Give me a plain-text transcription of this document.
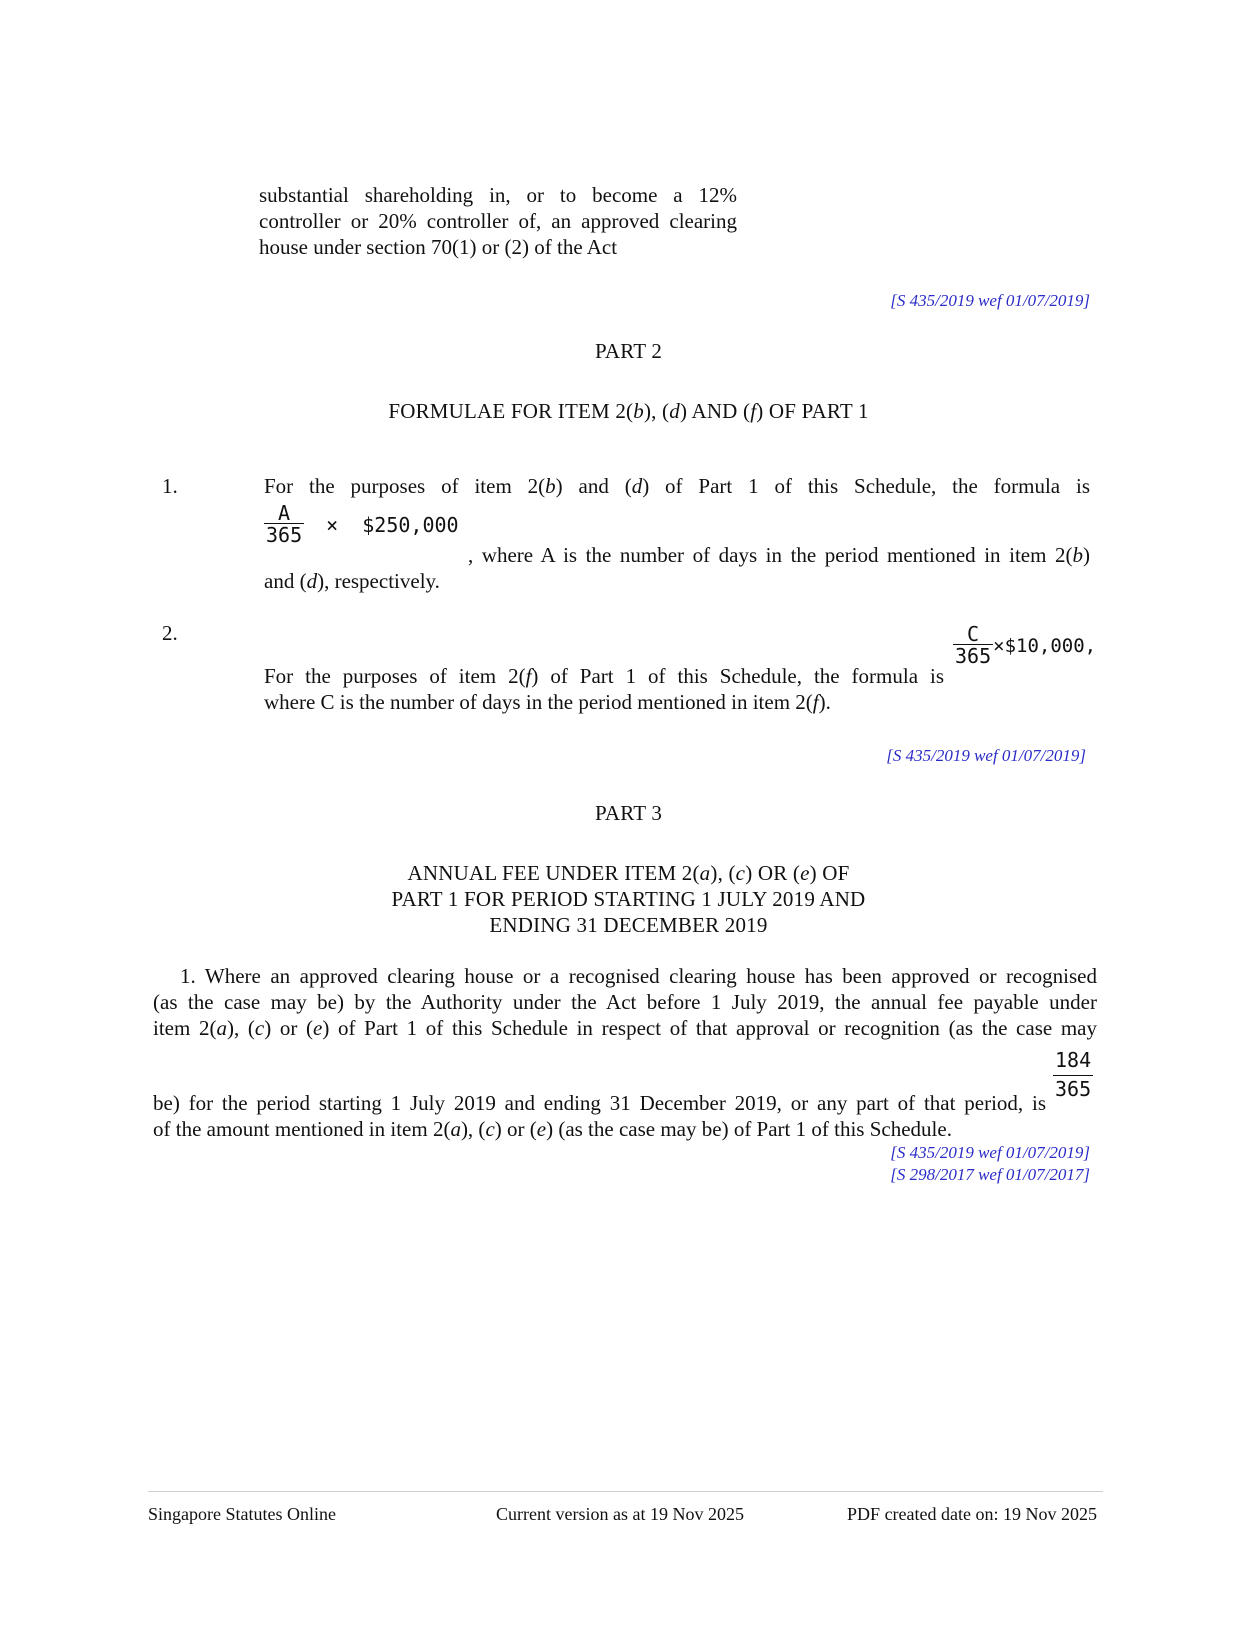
substantial shareholding in, or to become a 12% controller or 20% controller of, an approved clearing house under section 70(1) or (2) of the Act
[S 435/2019 wef 01/07/2019]
PART 2
FORMULAE FOR ITEM 2(b), (d) AND (f) OF PART 1
1.	For the purposes of item 2(b) and (d) of Part 1 of this Schedule, the formula is
$\frac{A}{365}$ ×  $250,000
, where A is the number of days in the period mentioned in item 2(b)
and (d), respectively.
2.	$\frac{C}{365}$ ×$10,000,
For the purposes of item 2(f) of Part 1 of this Schedule, the formula is
where C is the number of days in the period mentioned in item 2(f).
[S 435/2019 wef 01/07/2019]
PART 3
ANNUAL FEE UNDER ITEM 2(a), (c) OR (e) OF
PART 1 FOR PERIOD STARTING 1 JULY 2019 AND
ENDING 31 DECEMBER 2019
1. Where an approved clearing house or a recognised clearing house has been approved or recognised
(as the case may be) by the Authority under the Act before 1 July 2019, the annual fee payable under
item 2(a), (c) or (e) of Part 1 of this Schedule in respect of that approval or recognition (as the case may
$\frac{184}{365}$
be) for the period starting 1 July 2019 and ending 31 December 2019, or any part of that period, is
of the amount mentioned in item 2(a), (c) or (e) (as the case may be) of Part 1 of this Schedule.
[S 435/2019 wef 01/07/2019]
[S 298/2017 wef 01/07/2017]
Singapore Statutes Online	Current version as at 19 Nov 2025	PDF created date on: 19 Nov 2025
